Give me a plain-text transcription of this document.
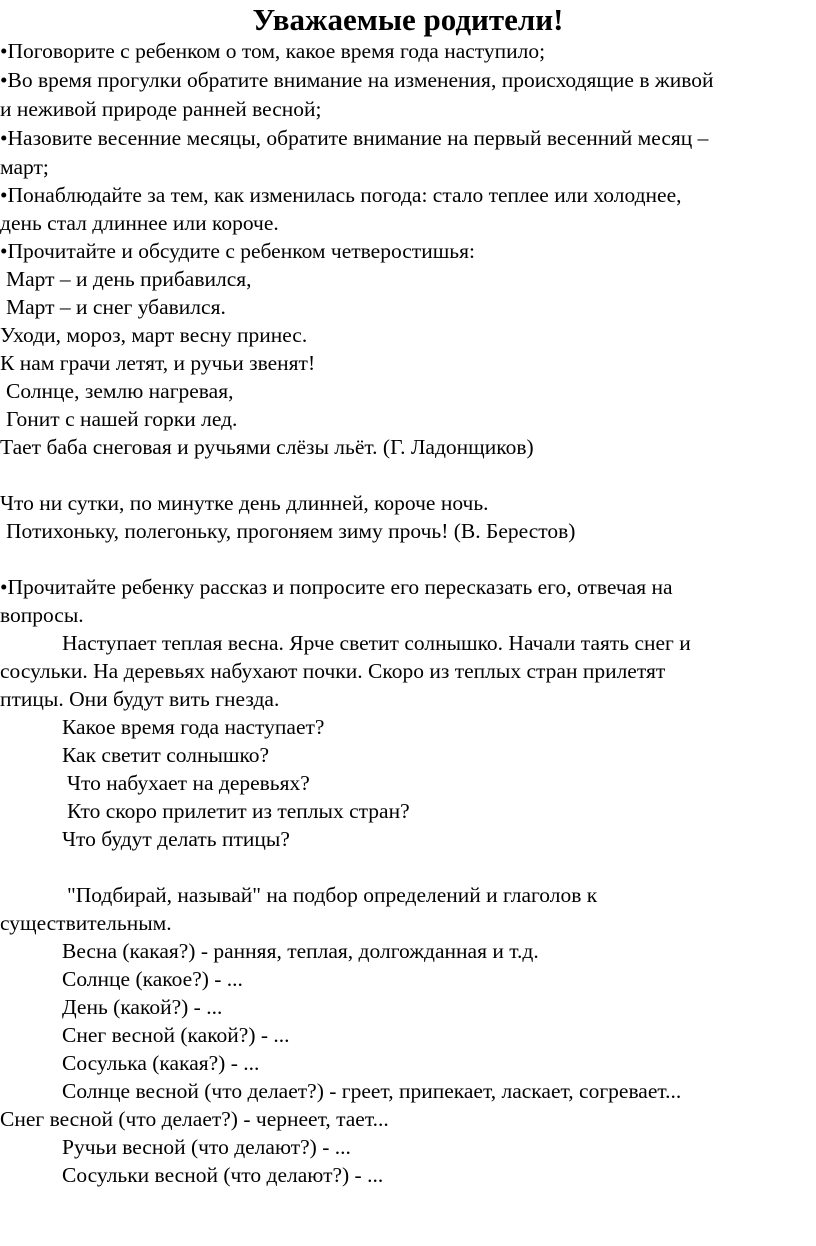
Уважаемые родители!
•Поговорите с ребенком о том, какое время года наступило;
•Во время прогулки обратите внимание на изменения, происходящие в живой
и неживой природе ранней весной;
•Назовите весенние месяцы, обратите внимание на первый весенний месяц –
март;
•Понаблюдайте за тем, как изменилась погода: стало теплее или холоднее,
день стал длиннее или короче.
•Прочитайте и обсудите с ребенком четверостишья:
Март – и день прибавился,
Март – и снег убавился.
Уходи, мороз, март весну принес.
К нам грачи летят, и ручьи звенят!
Солнце, землю нагревая,
Гонит с нашей горки лед.
Тает баба снеговая и ручьями слёзы льёт. (Г. Ладонщиков)
Что ни сутки, по минутке день длинней, короче ночь.
Потихоньку, полегоньку, прогоняем зиму прочь! (В. Берестов)
•Прочитайте ребенку рассказ и попросите его пересказать его, отвечая на
вопросы.
Наступает теплая весна. Ярче светит солнышко. Начали таять снег и
сосульки. На деревьях набухают почки. Скоро из теплых стран прилетят
птицы. Они будут вить гнезда.
Какое время года наступает?
Как светит солнышко?
Что набухает на деревьях?
Кто скоро прилетит из теплых стран?
Что будут делать птицы?
"Подбирай, называй" на подбор определений и глаголов к
существительным.
Весна (какая?) - ранняя, теплая, долгожданная и т.д.
Солнце (какое?) - ...
День (какой?) - ...
Снег весной (какой?) - ...
Сосулька (какая?) - ...
Солнце весной (что делает?) - греет, припекает, ласкает, согревает...
Снег весной (что делает?) - чернеет, тает...
Ручьи весной (что делают?) - ...
Сосульки весной (что делают?) - ...
